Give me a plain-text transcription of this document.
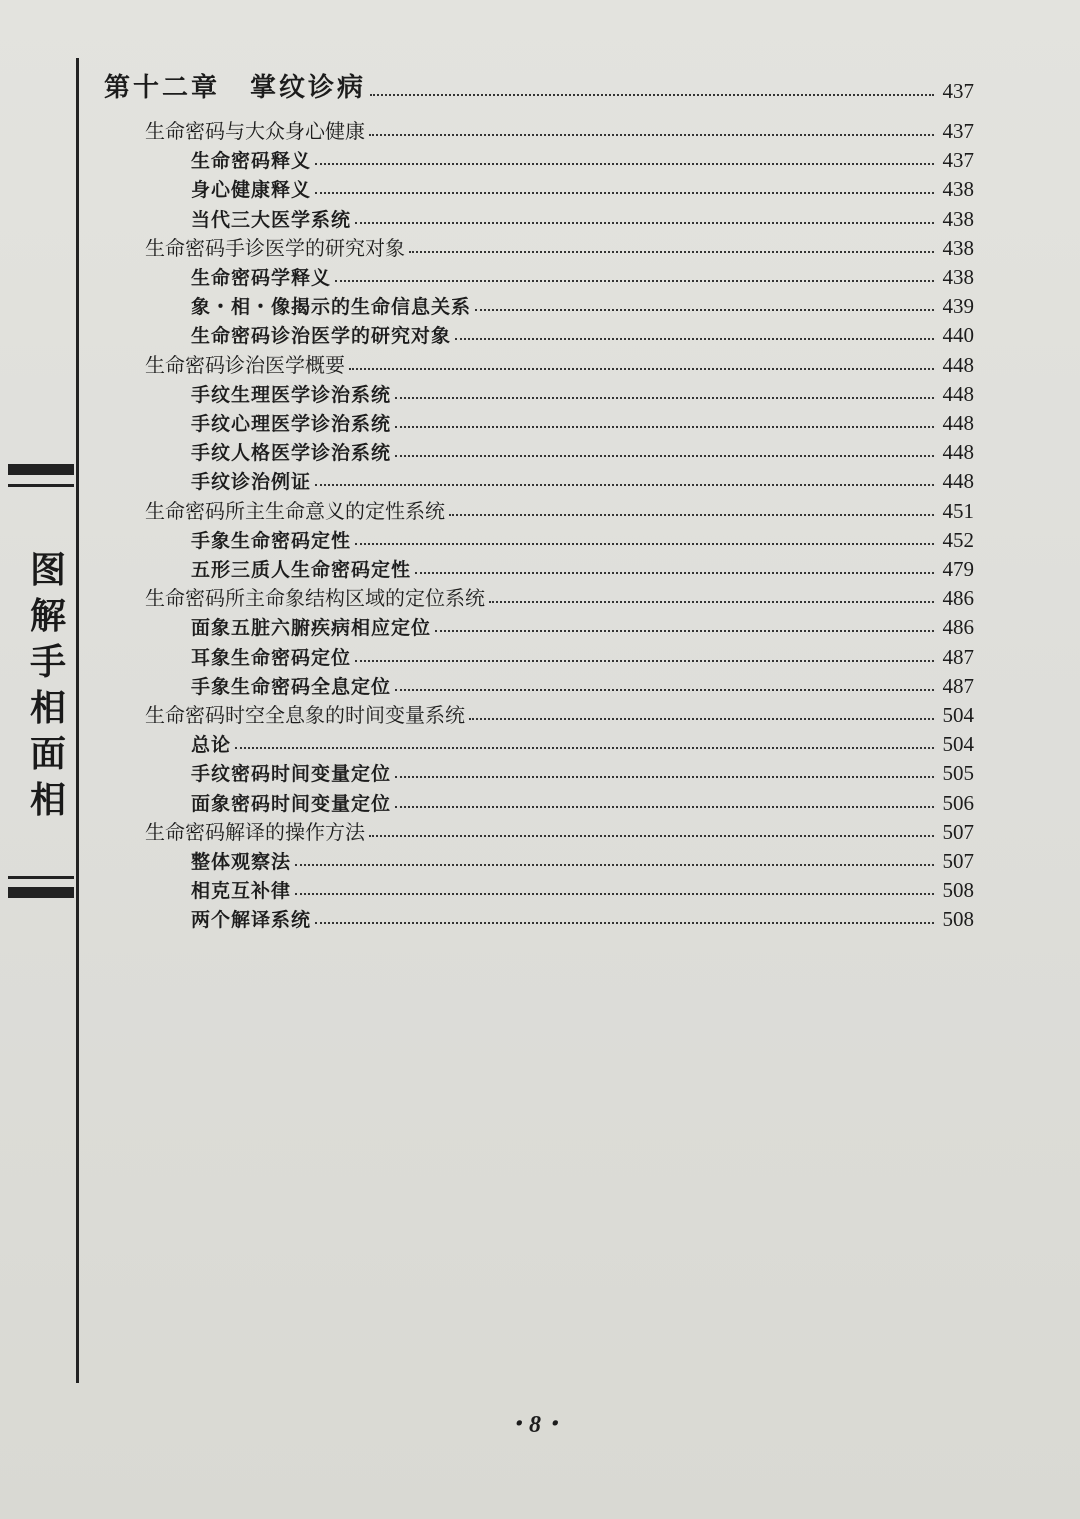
图
解
手
相
面
相
第十二章 掌纹诊病	437
生命密码与大众身心健康	437
生命密码释义	437
身心健康释义	438
当代三大医学系统	438
生命密码手诊医学的研究对象	438
生命密码学释义	438
象・相・像揭示的生命信息关系	439
生命密码诊治医学的研究对象	440
生命密码诊治医学概要	448
手纹生理医学诊治系统	448
手纹心理医学诊治系统	448
手纹人格医学诊治系统	448
手纹诊治例证	448
生命密码所主生命意义的定性系统	451
手象生命密码定性	452
五形三质人生命密码定性	479
生命密码所主命象结构区域的定位系统	486
面象五脏六腑疾病相应定位	486
耳象生命密码定位	487
手象生命密码全息定位	487
生命密码时空全息象的时间变量系统	504
总论	504
手纹密码时间变量定位	505
面象密码时间变量定位	506
生命密码解译的操作方法	507
整体观察法	507
相克互补律	508
两个解译系统	508
・8・
